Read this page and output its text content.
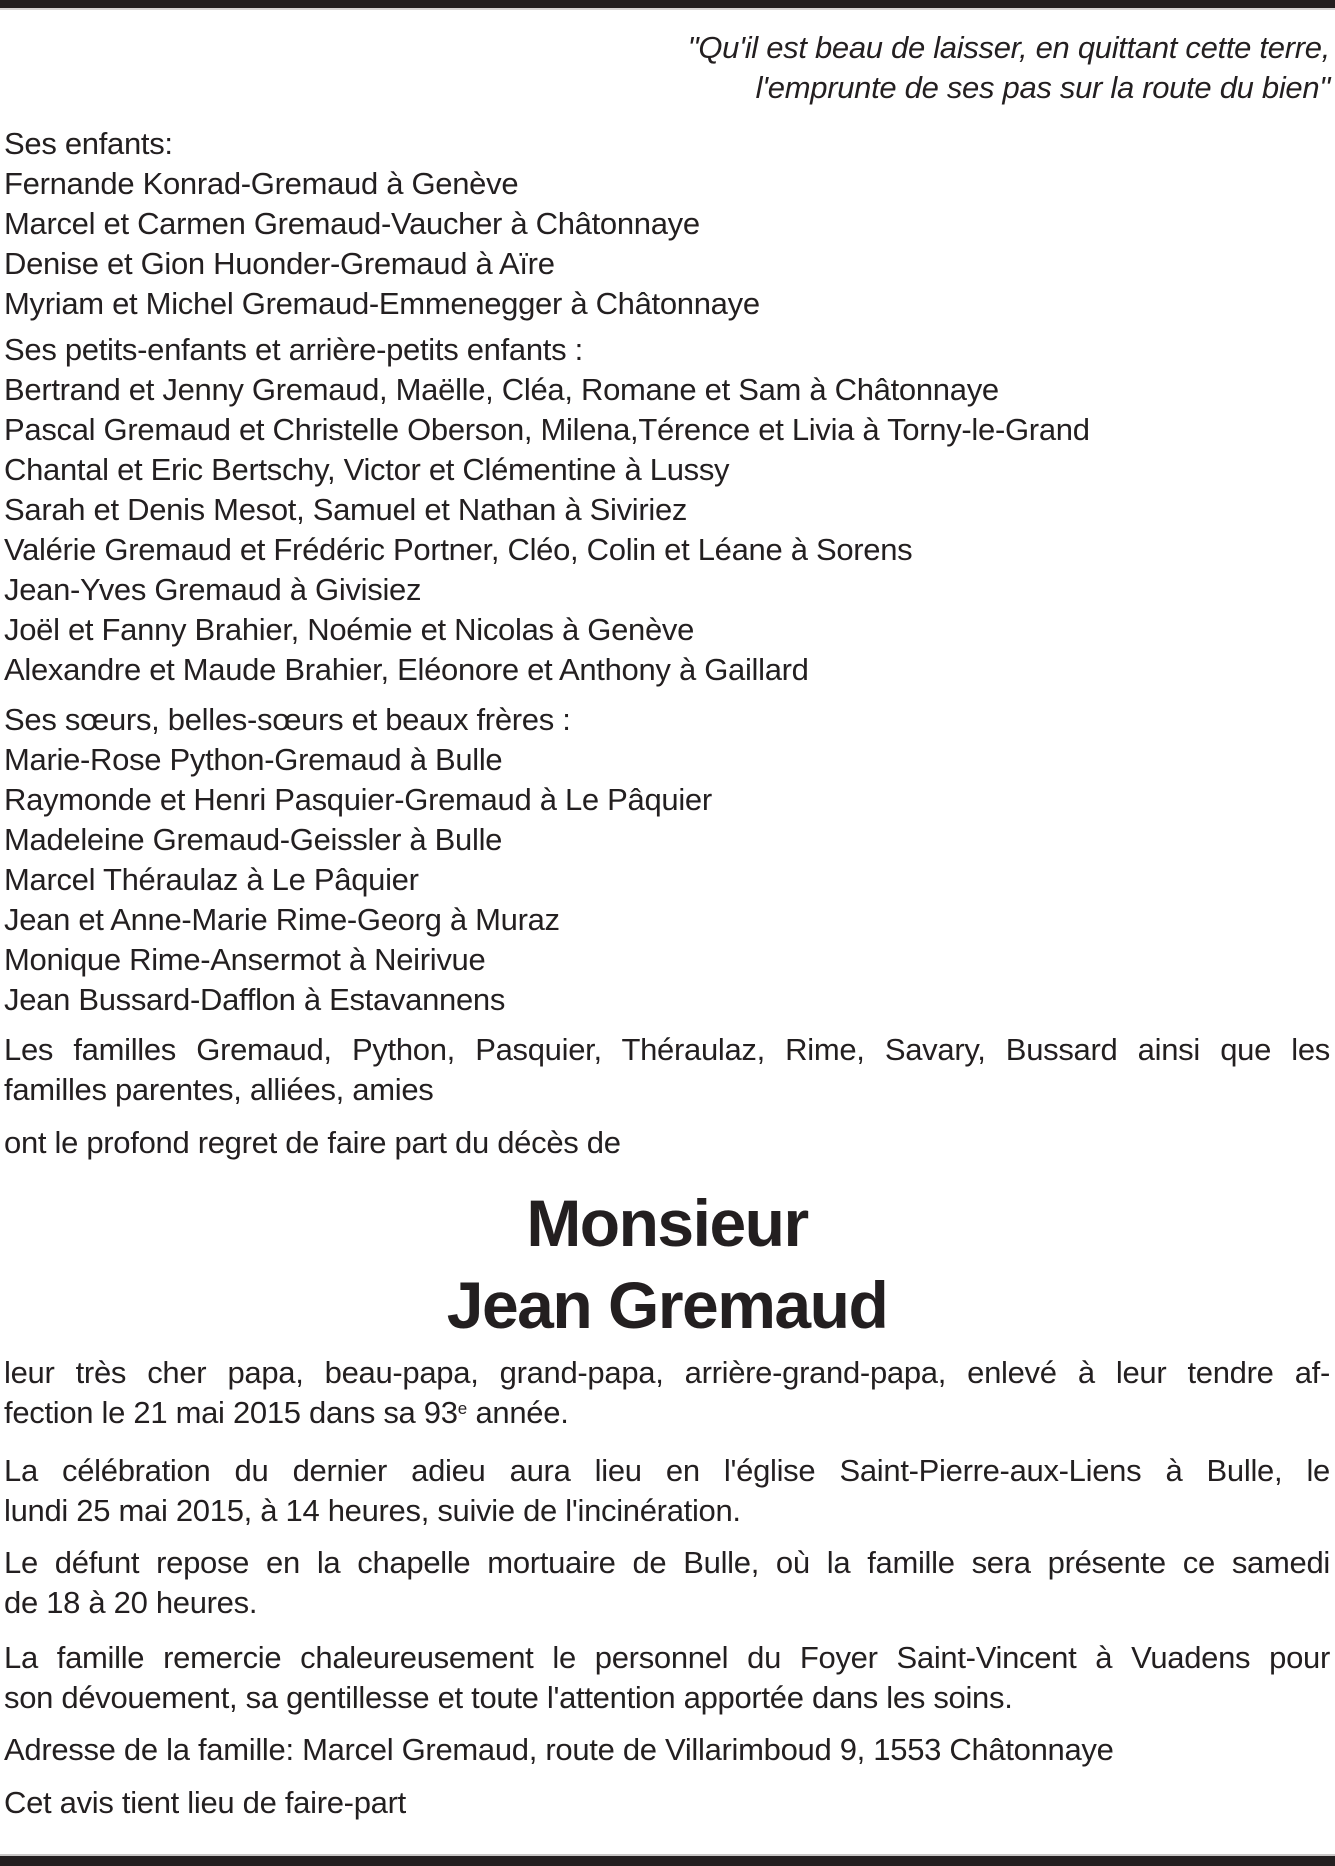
"Qu'il est beau de laisser, en quittant cette terre,
l'emprunte de ses pas sur la route du bien"
Ses enfants:
Fernande Konrad-Gremaud à Genève
Marcel et Carmen Gremaud-Vaucher à Châtonnaye
Denise et Gion Huonder-Gremaud à Aïre
Myriam et Michel Gremaud-Emmenegger à Châtonnaye
Ses petits-enfants et arrière-petits enfants :
Bertrand et Jenny Gremaud, Maëlle, Cléa, Romane et Sam à Châtonnaye
Pascal Gremaud et Christelle Oberson, Milena,Térence et Livia à Torny-le-Grand
Chantal et Eric Bertschy, Victor et Clémentine à Lussy
Sarah et Denis Mesot, Samuel et Nathan à Siviriez
Valérie Gremaud et Frédéric Portner, Cléo, Colin et Léane à Sorens
Jean-Yves Gremaud à Givisiez
Joël et Fanny Brahier, Noémie et Nicolas à Genève
Alexandre et Maude Brahier, Eléonore et Anthony à Gaillard
Ses sœurs, belles-sœurs et beaux frères :
Marie-Rose Python-Gremaud à Bulle
Raymonde et Henri Pasquier-Gremaud à Le Pâquier
Madeleine Gremaud-Geissler à Bulle
Marcel Théraulaz à Le Pâquier
Jean et Anne-Marie Rime-Georg à Muraz
Monique Rime-Ansermot à Neirivue
Jean Bussard-Dafflon à Estavannens
Les familles Gremaud, Python, Pasquier, Théraulaz, Rime, Savary, Bussard ainsi que les
familles parentes, alliées, amies
ont le profond regret de faire part du décès de
Monsieur
Jean Gremaud
leur très cher papa, beau-papa, grand-papa, arrière-grand-papa, enlevé à leur tendre af-
fection le 21 mai 2015 dans sa 93e année.
La célébration du dernier adieu aura lieu en l'église Saint-Pierre-aux-Liens à Bulle, le
lundi 25 mai 2015, à 14 heures, suivie de l'incinération.
Le défunt repose en la chapelle mortuaire de Bulle, où la famille sera présente ce samedi
de 18 à 20 heures.
La famille remercie chaleureusement le personnel du Foyer Saint-Vincent à Vuadens pour
son dévouement, sa gentillesse et toute l'attention apportée dans les soins.
Adresse de la famille: Marcel Gremaud, route de Villarimboud 9, 1553 Châtonnaye
Cet avis tient lieu de faire-part
